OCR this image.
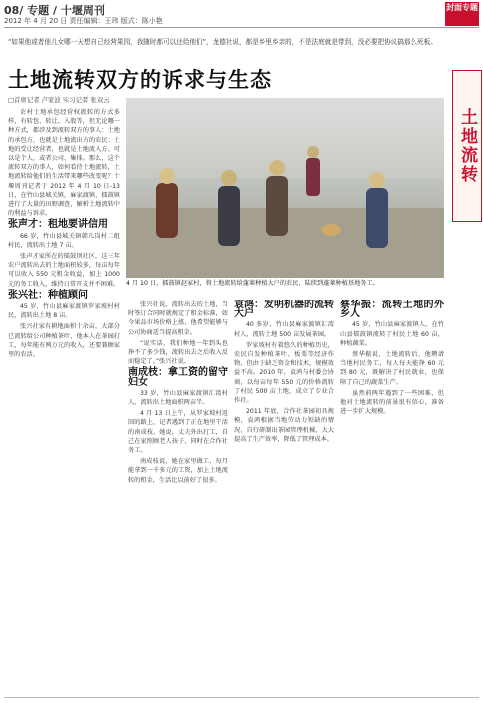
08/ 专题 / 十堰周刊
2012 年 4 月 20 日 责任编辑：王玮 版式：陈小艳
封面专题
土地流转
“如果他或者他儿女哪一天想自己经营果园，我随时都可以还给他们”，龙德社说，都是乡里乡亲的，不是法庭就是带到，没必要把协议搞那么死板。
土地流转双方的诉求与生态
□首席记者 卢家波 实习记者 张双云

农村土地承包经营权流转的方式多样，有转包、转让、入股等，但无论哪一种方式，都涉及到流转双方的事人：土地的承包方，也就是土地流出方的农民；土地的受让经营者，也就是土地流入方。可以是个人，或者公司、集体。那么，这个流转双方的事人，如何看待土地流转，土地流转给他们的生活带来哪些改变呢？十堰周刊记者于 2012 年 4 月 10 日-13 日，在竹山县城关镇，麻家渡镇，擂鼓镇进行了大量的田野调查，解析土地流转中的利益与诉求。

张声才：租地要讲信用

66 岁，竹山县城关镇韩儿岗村二组村民，流转出土地 7 亩。

张声才家所在的擂鼓坝社区，这三年农户流转出去的土地面积较多，每亩每年可以收入 550 元租金收益，加上 1000 元的务工收入，维持日常开支并不困难。

张兴社：种植顾问

45 岁，竹山县麻家渡镇罗家坡村村民，流转出土地 8 亩。

张兴社家有耕地面积十余亩，大部分已流转给公司种植茶叶，他本人在茶园打工，每年能有两万元的收入，还要兼顾家里的农活。

4 月 10 日，擂鼓镇赵家村，将土地流转给蓬莱种植大户的农民，陆续到蓬莱种植基地务工。

张兴社说，流转出去的土地，当时签订合同时就规定了租金标准，如今果品市场价格上涨，他希望能够与公司协商适当提高租金。

“说实话，我们种地一年到头也挣不了多少钱，流转出去之后收入反而稳定了。”张兴社说。

南成枝：拿工资的留守妇女

33 岁，竹山县麻家渡镇汇湾村人，流转出土地面积两亩半。

4 月 13 日上午，从罗家坡村返回的路上，记者遇到了正在地里干活的南成枝。她说，丈夫外出打工，自己在家照顾老人孩子，同时在合作社务工。

南成枝说，她在家里做工，每月能拿到一千多元的工资，加上土地流转的租金，生活比以前好了很多。

袁鸿：发明机器的流转大户

40 多岁，竹山县麻家渡镇汇湾村人，流转土地 500 亩发展茶园。

罗家坡村有着悠久的种植历史，农民自发种植茶叶、板栗等经济作物，但由于缺乏资金和技术，规模效益不高。2010 年，袁鸿与村委会协商，以每亩每年 550 元的价格流转了村民 500 亩土地，成立了专业合作社。

2011 年底，合作社茶园初具规模，袁鸿根据当地劳动力短缺的情况，自行研制出茶园管理机械，大大提高了生产效率，降低了管理成本。

蔡华振：流转土地的外乡人

45 岁，竹山县麻家渡镇人，在竹山县擂鼓镇流转了村民土地 60 亩，种植蔬菜。

蔡华振说，土地流转后，他聘请当地村民务工，每人每天能挣 60 元到 80 元，既解决了村民就业，也保障了自己的蔬菜生产。

虽然前两年遇到了一些困难，但他对土地流转的前景很有信心，准备进一步扩大规模。
